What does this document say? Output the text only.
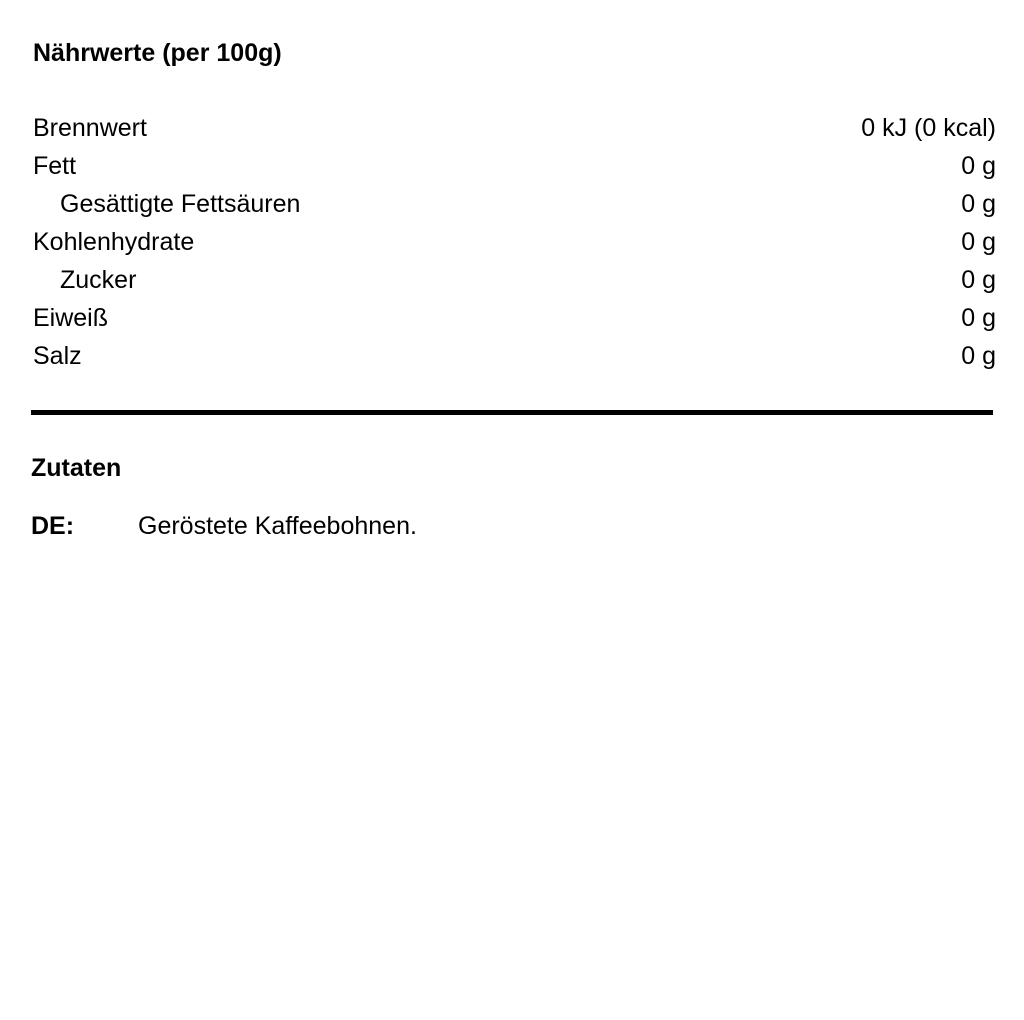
Nährwerte (per 100g)
Brennwert	0 kJ (0 kcal)
Fett	0 g
Gesättigte Fettsäuren	0 g
Kohlenhydrate	0 g
Zucker	0 g
Eiweiß	0 g
Salz	0 g
Zutaten
DE:	Geröstete Kaffeebohnen.
